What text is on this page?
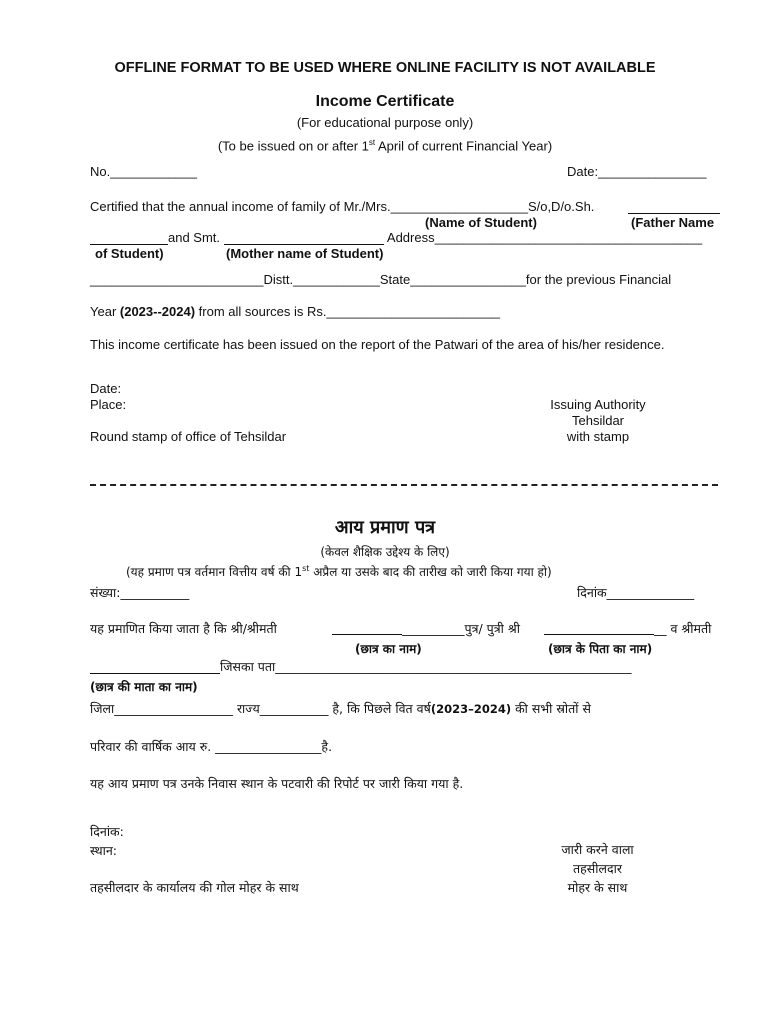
OFFLINE FORMAT TO BE USED WHERE ONLINE FACILITY IS NOT AVAILABLE
Income Certificate
(For educational purpose only)
(To be issued on or after 1st April of current Financial Year)
No.____________	Date:_______________
Certified that the annual income of family of Mr./Mrs.___________________S/o,D/o.Sh.
(Name of Student)	(Father Name
and Smt.	Address_____________________________________
of Student)	(Mother name of Student)
________________________Distt.____________State________________for the previous Financial
Year (2023--2024) from all sources is Rs.________________________
This income certificate has been issued on the report of the Patwari of the area of his/her residence.
Date:
Place:
Round stamp of office of Tehsildar
Issuing Authority
Tehsildar
with stamp
आय प्रमाण पत्र
(केवल शैक्षिक उद्देश्य के लिए)
(यह प्रमाण पत्र वर्तमान वित्तीय वर्ष की 1st अप्रैल या उसके बाद की तारीख को जारी किया गया हो)
संख्या:___________	दिनांक______________
यह प्रमाणित किया जाता है कि श्री/श्रीमती	__________पुत्र/ पुत्री श्री	__ व श्रीमती
(छात्र का नाम)	(छात्र के पिता का नाम)
जिसका पता_________________________________________________________
(छात्र की माता का नाम)
जिला___________________ राज्य___________ है, कि पिछले वित वर्ष(2023–2024) की सभी स्रोतों से
परिवार की वार्षिक आय रु. _________________है.
यह आय प्रमाण पत्र उनके निवास स्थान के पटवारी की रिपोर्ट पर जारी किया गया है.
दिनांक:
स्थान:
तहसीलदार के कार्यालय की गोल मोहर के साथ
जारी करने वाला
तहसीलदार
मोहर के साथ
